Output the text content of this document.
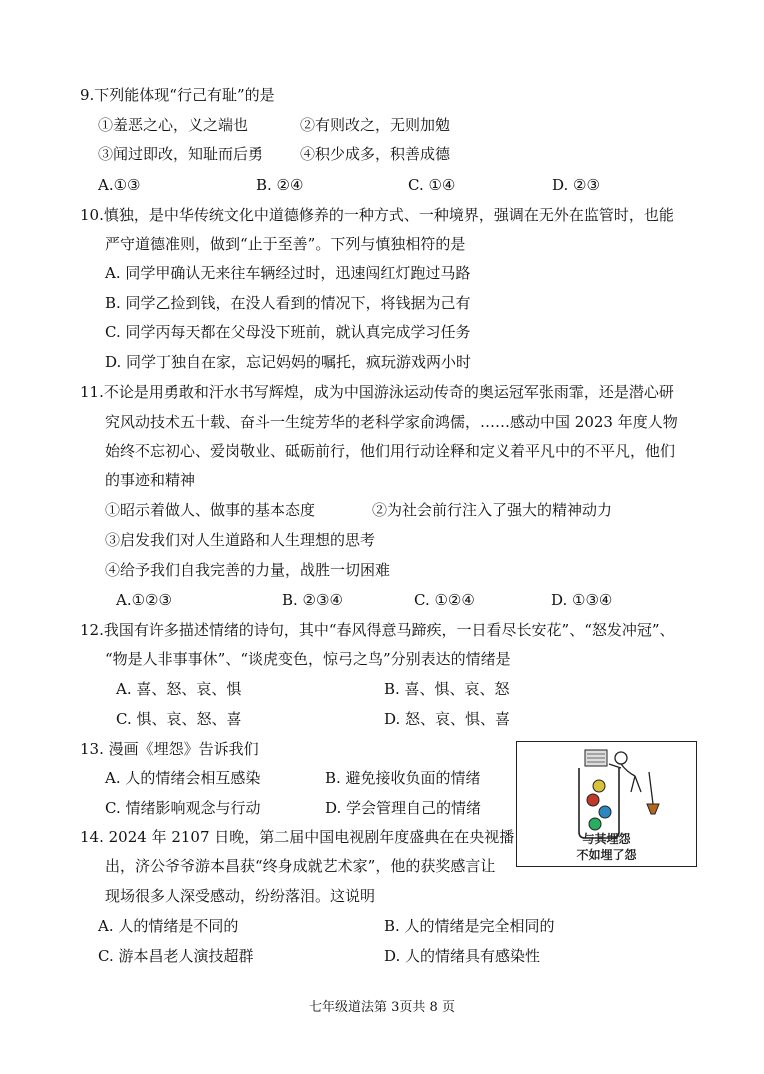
9.下列能体现“行己有耻”的是
①羞恶之心，义之端也	②有则改之，无则加勉
③闻过即改，知耻而后勇 ④积少成多，积善成德
A.①③	B. ②④	C. ①④	D. ②③
10.慎独，是中华传统文化中道德修养的一种方式、一种境界，强调在无外在监管时，也能
严守道德准则，做到“止于至善”。下列与慎独相符的是
A. 同学甲确认无来往车辆经过时，迅速闯红灯跑过马路
B. 同学乙捡到钱，在没人看到的情况下，将钱据为己有
C. 同学丙每天都在父母没下班前，就认真完成学习任务
D. 同学丁独自在家，忘记妈妈的嘱托，疯玩游戏两小时
11.不论是用勇敢和汗水书写辉煌，成为中国游泳运动传奇的奥运冠军张雨霏，还是潜心研
究风动技术五十载、奋斗一生绽芳华的老科学家俞鸿儒，……感动中国 2023 年度人物
始终不忘初心、爱岗敬业、砥砺前行，他们用行动诠释和定义着平凡中的不平凡，他们
的事迹和精神
①昭示着做人、做事的基本态度	②为社会前行注入了强大的精神动力
③启发我们对人生道路和人生理想的思考
④给予我们自我完善的力量，战胜一切困难
A.①②③	B. ②③④	C. ①②④	D. ①③④
12.我国有许多描述情绪的诗句，其中“春风得意马蹄疾，一日看尽长安花”、“怒发冲冠”、
“物是人非事事休”、“谈虎变色，惊弓之鸟”分别表达的情绪是
A. 喜、怒、哀、惧	B. 喜、惧、哀、怒
C. 惧、哀、怒、喜	D. 怒、哀、惧、喜
13. 漫画《埋怨》告诉我们
A. 人的情绪会相互感染	B. 避免接收负面的情绪
C. 情绪影响观念与行动	D. 学会管理自己的情绪
与其埋怨
不如埋了怨
14. 2024 年 2107 日晚，第二届中国电视剧年度盛典在在央视播
出，济公爷爷游本昌获“终身成就艺术家”，他的获奖感言让
现场很多人深受感动，纷纷落泪。这说明
A. 人的情绪是不同的	B. 人的情绪是完全相同的
C. 游本昌老人演技超群	D. 人的情绪具有感染性
七年级道法第 3页共 8 页
